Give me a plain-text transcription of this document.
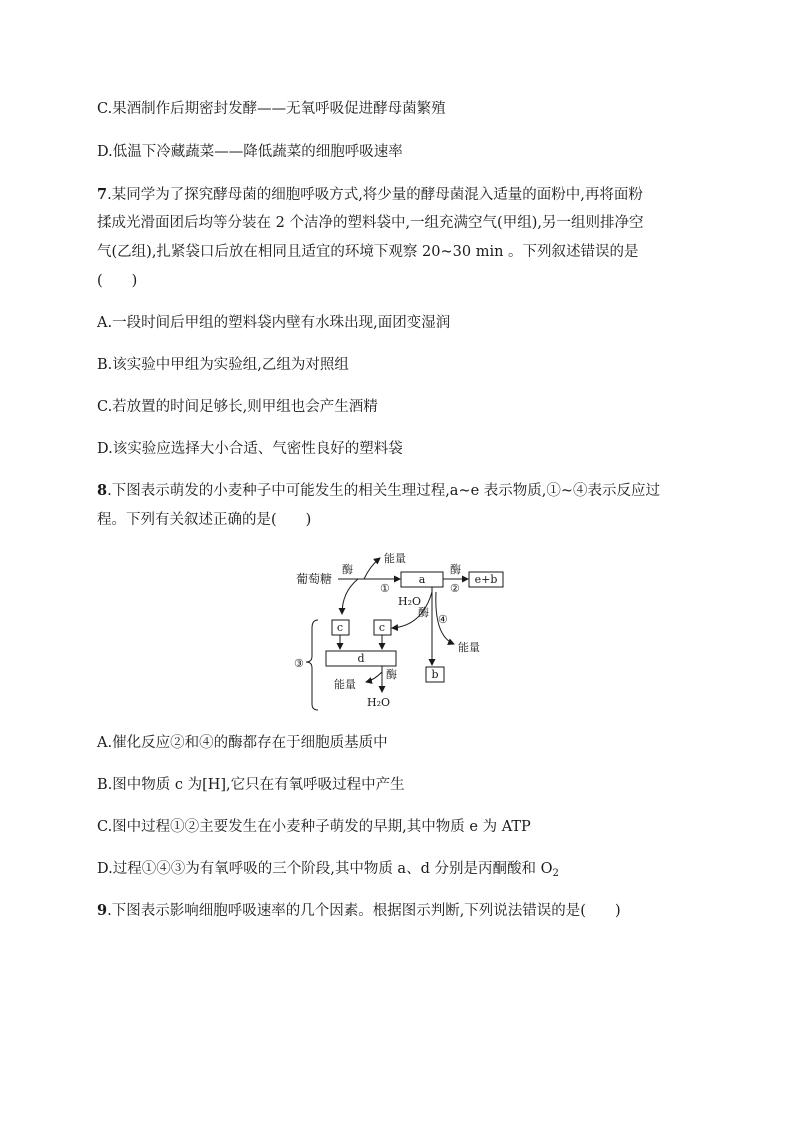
C.果酒制作后期密封发酵——无氧呼吸促进酵母菌繁殖
D.低温下冷藏蔬菜——降低蔬菜的细胞呼吸速率
7.某同学为了探究酵母菌的细胞呼吸方式,将少量的酵母菌混入适量的面粉中,再将面粉
揉成光滑面团后均等分装在 2 个洁净的塑料袋中,一组充满空气(甲组),另一组则排净空
气(乙组),扎紧袋口后放在相同且适宜的环境下观察 20~30 min 。下列叙述错误的是
(　　)
A.一段时间后甲组的塑料袋内壁有水珠出现,面团变湿润
B.该实验中甲组为实验组,乙组为对照组
C.若放置的时间足够长,则甲组也会产生酒精
D.该实验应选择大小合适、气密性良好的塑料袋
8.下图表示萌发的小麦种子中可能发生的相关生理过程,a~e 表示物质,①~④表示反应过
程。下列有关叙述正确的是(　　)
葡萄糖
酶
①
能量
a
酶
②
e+b
c
H₂O
酶
④
b
c
能量
d
酶
能量
H₂O
③
A.催化反应②和④的酶都存在于细胞质基质中
B.图中物质 c 为[H],它只在有氧呼吸过程中产生
C.图中过程①②主要发生在小麦种子萌发的早期,其中物质 e 为 ATP
D.过程①④③为有氧呼吸的三个阶段,其中物质 a、d 分别是丙酮酸和 $O_2$
9.下图表示影响细胞呼吸速率的几个因素。根据图示判断,下列说法错误的是(　　)
